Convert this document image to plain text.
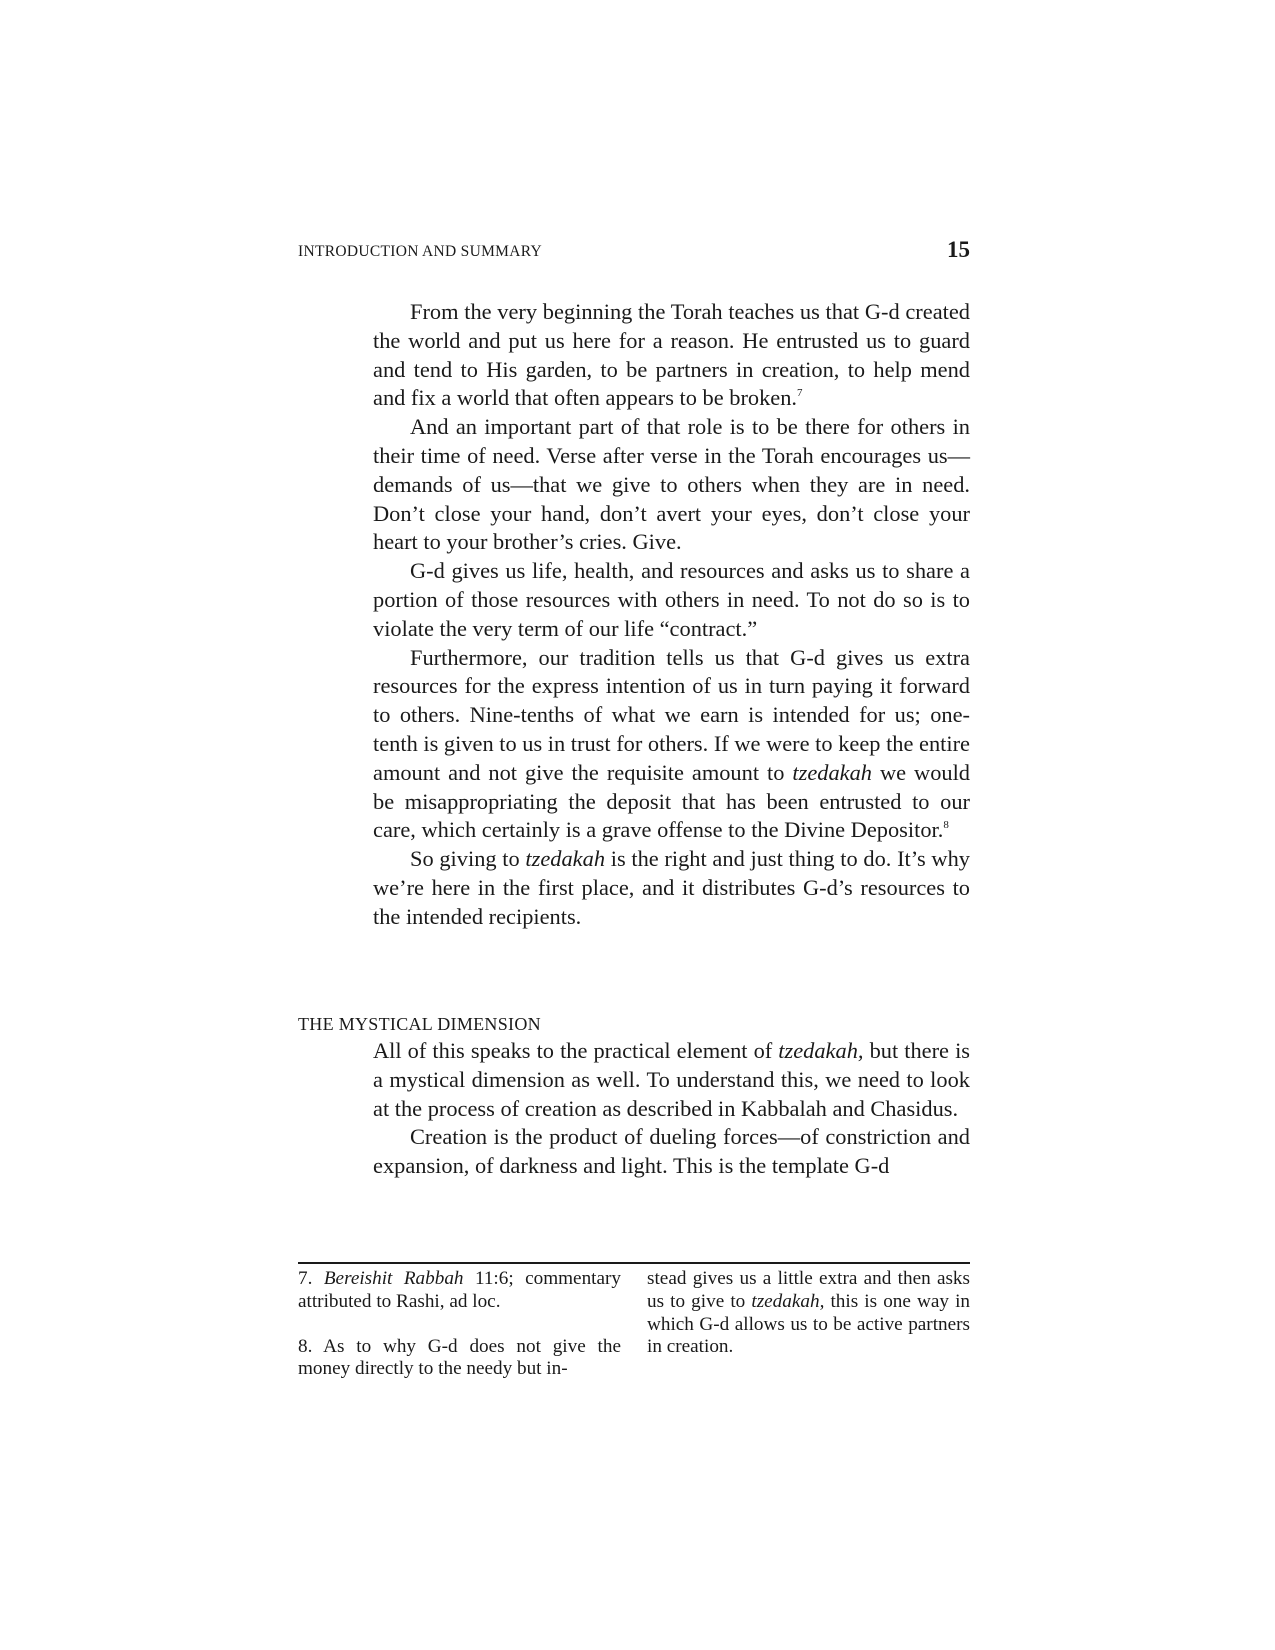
INTRODUCTION AND SUMMARY	15

From the very beginning the Torah teaches us that G-d created the world and put us here for a reason. He entrusted us to guard and tend to His garden, to be partners in creation, to help mend and fix a world that often appears to be broken.$^7$

And an important part of that role is to be there for others in their time of need. Verse after verse in the Torah encourages us—demands of us—that we give to others when they are in need. Don’t close your hand, don’t avert your eyes, don’t close your heart to your brother’s cries. Give.

G-d gives us life, health, and resources and asks us to share a portion of those resources with others in need. To not do so is to violate the very term of our life “contract.”

Furthermore, our tradition tells us that G-d gives us extra resources for the express intention of us in turn paying it forward to others. Nine-tenths of what we earn is intended for us; one-tenth is given to us in trust for others. If we were to keep the entire amount and not give the requisite amount to tzedakah we would be misappropriating the deposit that has been entrusted to our care, which certainly is a grave offense to the Divine Depositor.$^8$

So giving to tzedakah is the right and just thing to do. It’s why we’re here in the first place, and it distributes G-d’s resources to the intended recipients.

THE MYSTICAL DIMENSION

All of this speaks to the practical element of tzedakah, but there is a mystical dimension as well. To understand this, we need to look at the process of creation as described in Kabbalah and Chasidus.

Creation is the product of dueling forces—of constriction and expansion, of darkness and light. This is the template G-d

7. Bereishit Rabbah 11:6; commentary attributed to Rashi, ad loc.

8. As to why G-d does not give the money directly to the needy but in-

stead gives us a little extra and then asks us to give to tzedakah, this is one way in which G-d allows us to be active partners in creation.
